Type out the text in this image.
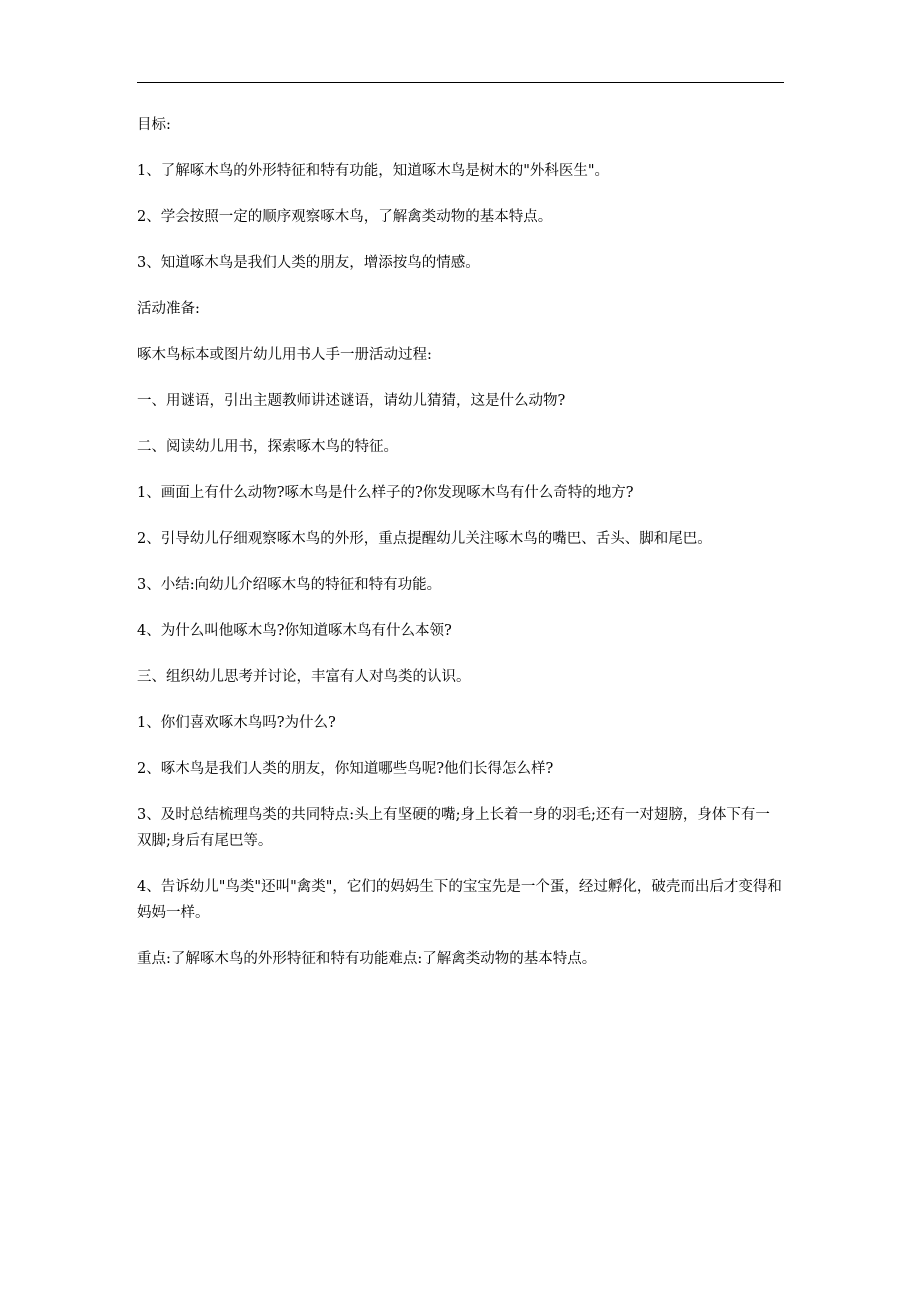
目标:

1、了解啄木鸟的外形特征和特有功能，知道啄木鸟是树木的"外科医生"。

2、学会按照一定的顺序观察啄木鸟，了解禽类动物的基本特点。

3、知道啄木鸟是我们人类的朋友，增添按鸟的情感。

活动准备:

啄木鸟标本或图片幼儿用书人手一册活动过程:

一、用谜语，引出主题教师讲述谜语，请幼儿猜猜，这是什么动物?

二、阅读幼儿用书，探索啄木鸟的特征。

1、画面上有什么动物?啄木鸟是什么样子的?你发现啄木鸟有什么奇特的地方?

2、引导幼儿仔细观察啄木鸟的外形，重点提醒幼儿关注啄木鸟的嘴巴、舌头、脚和尾巴。

3、小结:向幼儿介绍啄木鸟的特征和特有功能。

4、为什么叫他啄木鸟?你知道啄木鸟有什么本领?

三、组织幼儿思考并讨论，丰富有人对鸟类的认识。

1、你们喜欢啄木鸟吗?为什么?

2、啄木鸟是我们人类的朋友，你知道哪些鸟呢?他们长得怎么样?

3、及时总结梳理鸟类的共同特点:头上有坚硬的嘴;身上长着一身的羽毛;还有一对翅膀，身体下有一双脚;身后有尾巴等。

4、告诉幼儿"鸟类"还叫"禽类"，它们的妈妈生下的宝宝先是一个蛋，经过孵化，破壳而出后才变得和妈妈一样。

重点:了解啄木鸟的外形特征和特有功能难点:了解禽类动物的基本特点。
